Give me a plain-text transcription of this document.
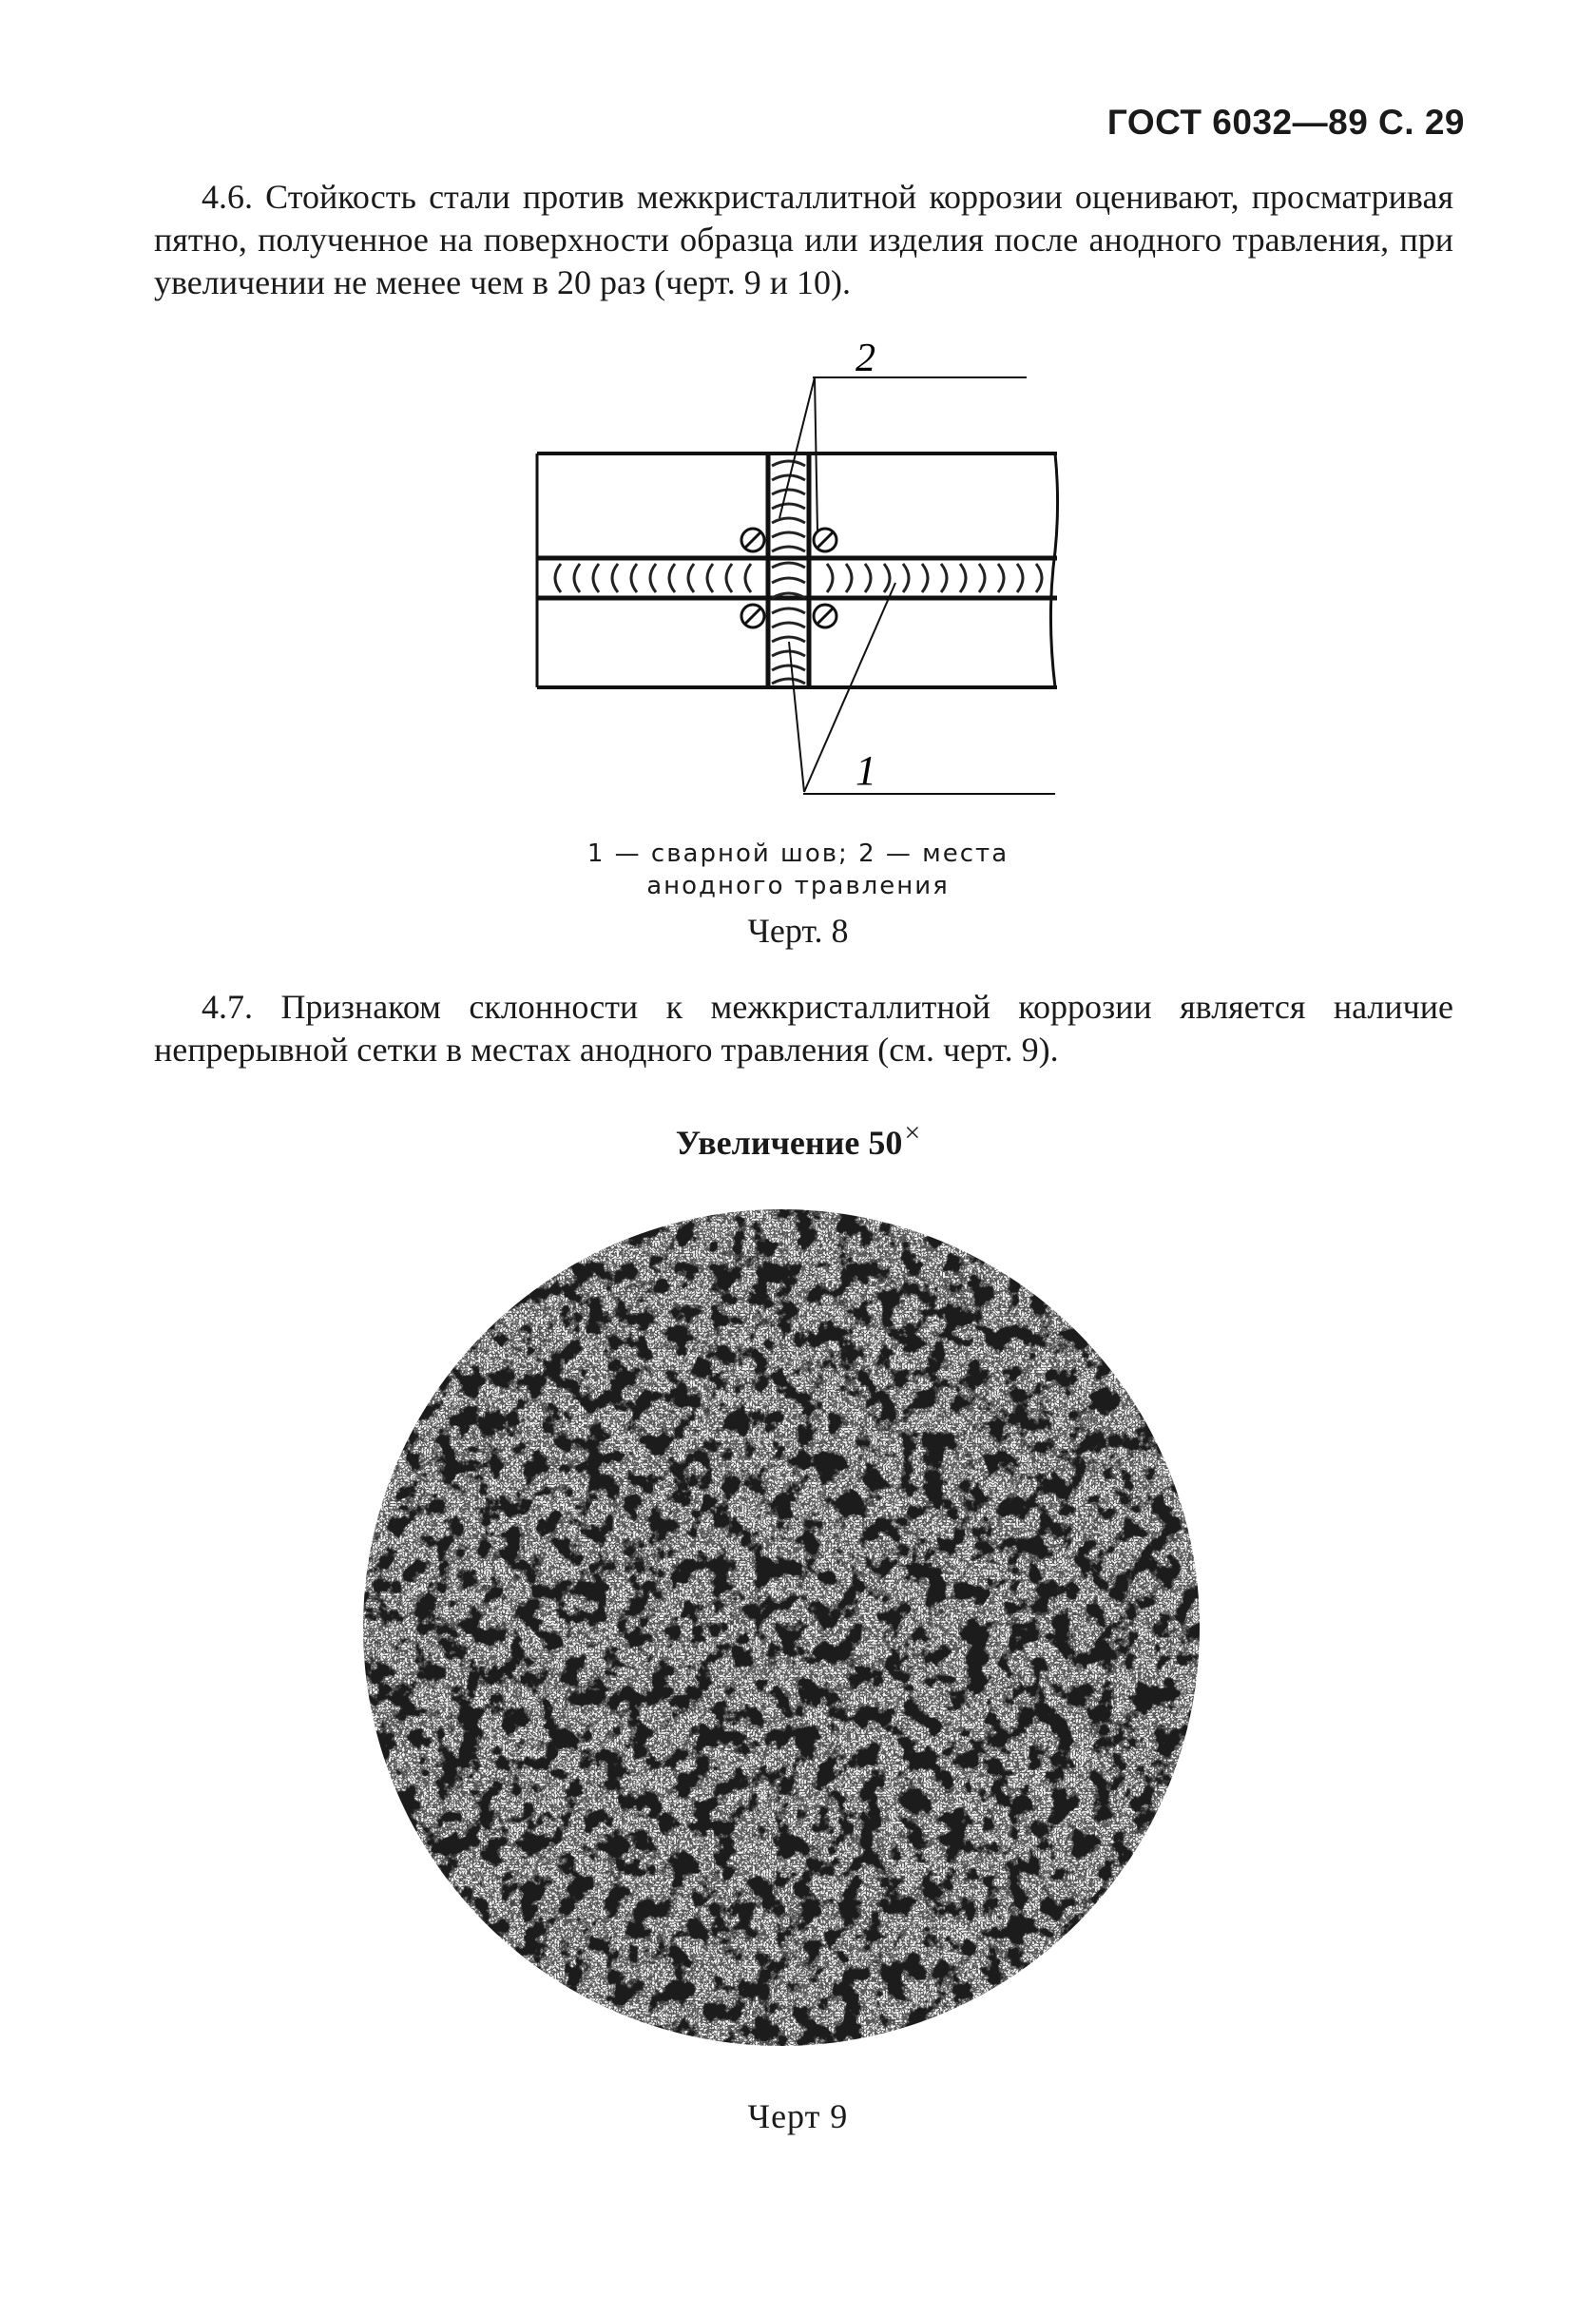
ГОСТ 6032—89 С. 29

4.6. Стойкость стали против межкристаллитной коррозии оценивают, просматривая пятно, полученное на поверхности образца или изделия после анодного травления, при увеличении не менее чем в 20 раз (черт. 9 и 10).

2
1
1 — сварной шов; 2 — места
анодного травления
Черт. 8

4.7. Признаком склонности к межкристаллитной коррозии является наличие непрерывной сетки в местах анодного травления (см. черт. 9).

Увеличение 50×
Черт 9
